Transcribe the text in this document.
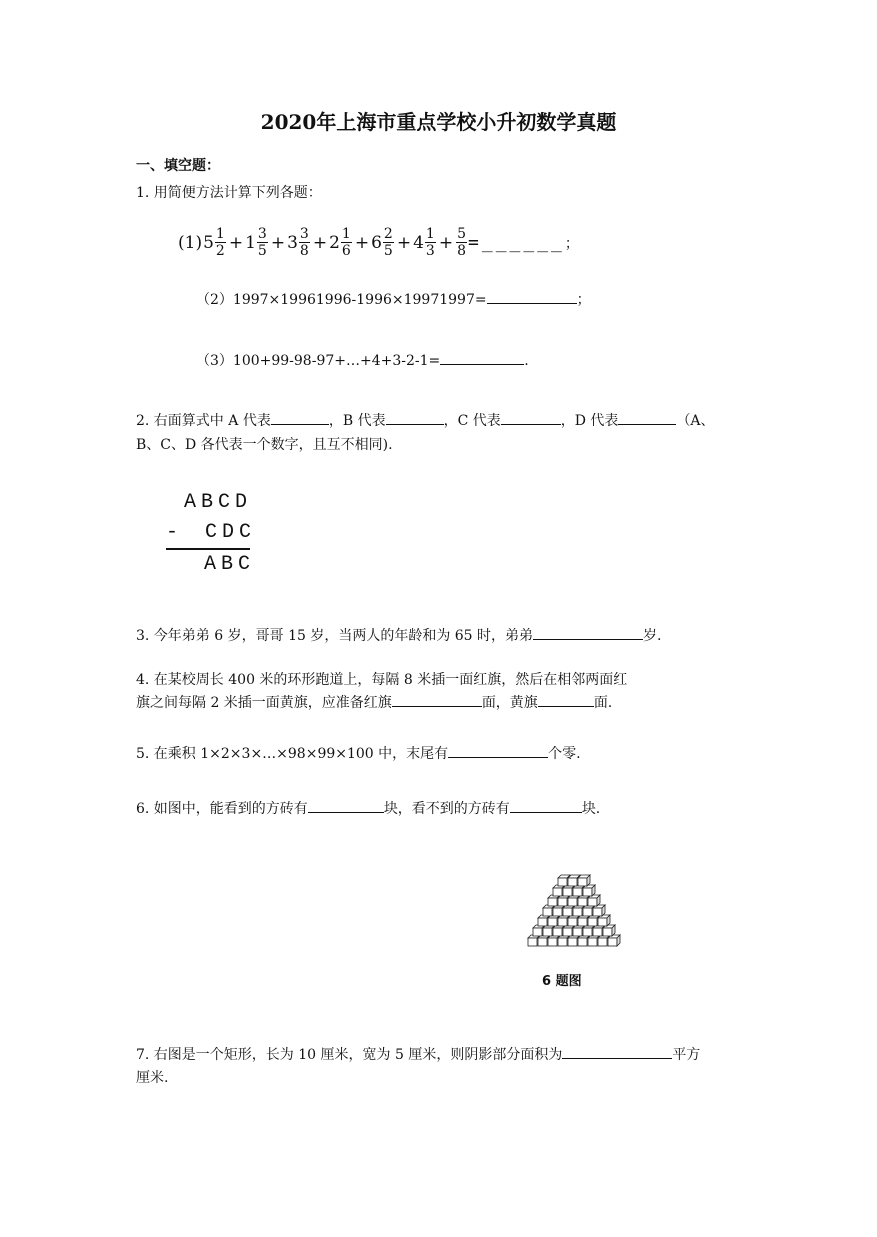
2020年上海市重点学校小升初数学真题
一、填空题：
1. 用简便方法计算下列各题：
(1) $5 \frac{1}{2} + 1 \frac{3}{5} + 3 \frac{3}{8} + 2 \frac{1}{6} + 6 \frac{2}{5} + 4 \frac{1}{3} + \frac{5}{8}$ =______ ；
（2）1997×19961996-1996×19971997=	；
（3）100+99-98-97+…+4+3-2-1=	.
2. 右面算式中 A 代表	，B 代表	，C 代表	，D 代表	（A、
B、C、D 各代表一个数字，且互不相同).
ABCD
-	CDC
ABC
3. 今年弟弟 6 岁，哥哥 15 岁，当两人的年龄和为 65 时，弟弟	岁.
4. 在某校周长 400 米的环形跑道上，每隔 8 米插一面红旗，然后在相邻两面红
旗之间每隔 2 米插一面黄旗，应准备红旗	面，黄旗	面.
5. 在乘积 1×2×3×…×98×99×100 中，末尾有	个零.
6. 如图中，能看到的方砖有	块，看不到的方砖有	块.
6 题图
7. 右图是一个矩形，长为 10 厘米，宽为 5 厘米，则阴影部分面积为	平方
厘米.
